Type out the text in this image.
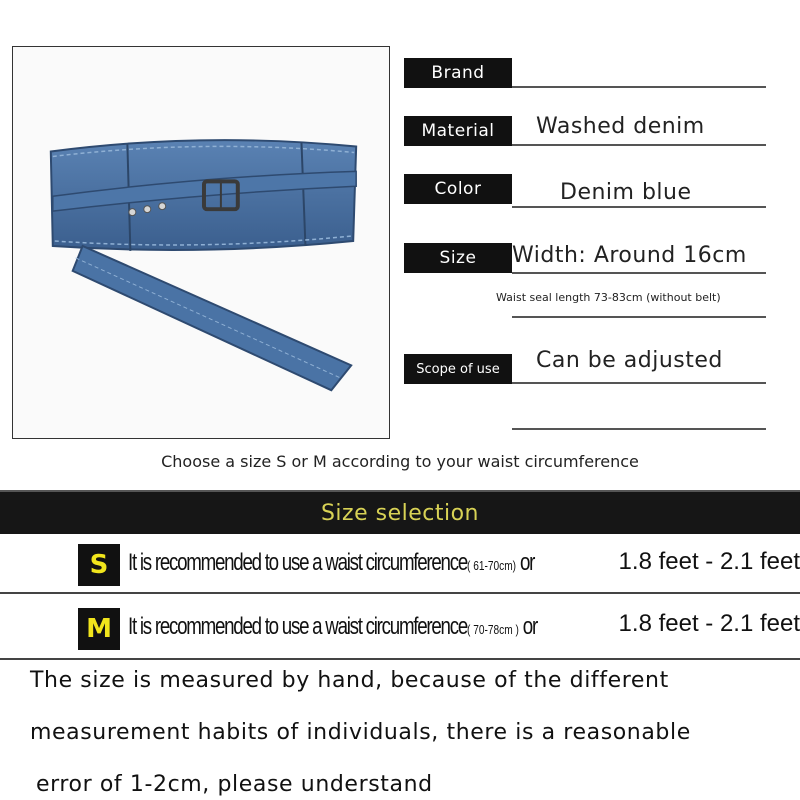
Brand
Material	Washed denim
Color	Denim blue
Size	Width: Around 16cm
Waist seal length 73-83cm (without belt)
Scope of use	Can be adjusted
Choose a size S or M according to your waist circumference
Size selection
S It is recommended to use a waist circumference( 61-70cm) or	1.8 feet - 2.1 feet
M It is recommended to use a waist circumference( 70-78cm ) or	1.8 feet - 2.1 feet
The size is measured by hand, because of the different
measurement habits of individuals, there is a reasonable
error of 1-2cm, please understand
